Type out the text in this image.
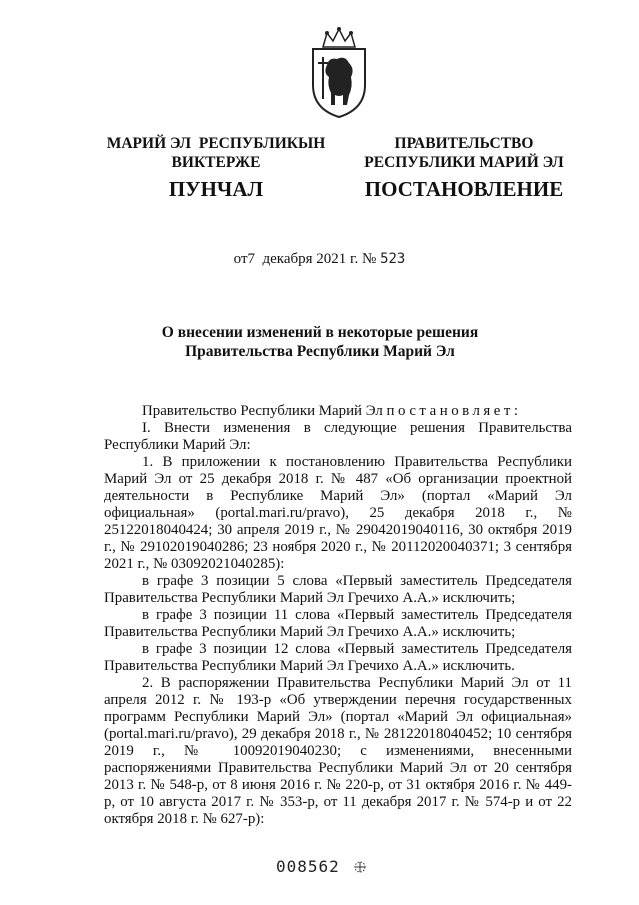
МАРИЙ ЭЛ  РЕСПУБЛИКЫН
ВИКТЕРЖЕ
ПУНЧАЛ
ПРАВИТЕЛЬСТВО
РЕСПУБЛИКИ МАРИЙ ЭЛ
ПОСТАНОВЛЕНИЕ
от7  декабря 2021 г. № 523
О внесении изменений в некоторые решения
Правительства Республики Марий Эл

Правительство Республики Марий Эл постановляет:

I. Внести изменения в следующие решения Правительства Республики Марий Эл:

1. В приложении к постановлению Правительства Республики Марий Эл от 25 декабря 2018 г. № 487 «Об организации проектной деятельности в Республике Марий Эл» (портал «Марий Эл официальная» (portal.mari.ru/pravo), 25 декабря 2018 г., № 25122018040424; 30 апреля 2019 г., № 29042019040116, 30 октября 2019 г., № 29102019040286; 23 ноября 2020 г., № 20112020040371; 3 сентября 2021 г., № 03092021040285):

в графе 3 позиции 5 слова «Первый заместитель Председателя Правительства Республики Марий Эл Гречихо А.А.» исключить;

в графе 3 позиции 11 слова «Первый заместитель Председателя Правительства Республики Марий Эл Гречихо А.А.» исключить;

в графе 3 позиции 12 слова «Первый заместитель Председателя Правительства Республики Марий Эл Гречихо А.А.» исключить.

2. В распоряжении Правительства Республики Марий Эл от 11 апреля 2012 г. № 193-р «Об утверждении перечня государственных программ Республики Марий Эл» (портал «Марий Эл официальная» (portal.mari.ru/pravo), 29 декабря 2018 г., № 28122018040452; 10 сентября 2019 г., № 10092019040230; с изменениями, внесенными распоряжениями Правительства Республики Марий Эл от 20 сентября 2013 г. № 548-р, от 8 июня 2016 г. № 220-р, от 31 октября 2016 г. № 449-р, от 10 августа 2017 г. № 353-р, от 11 декабря 2017 г. № 574-р и от 22 октября 2018 г. № 627-р):

008562
